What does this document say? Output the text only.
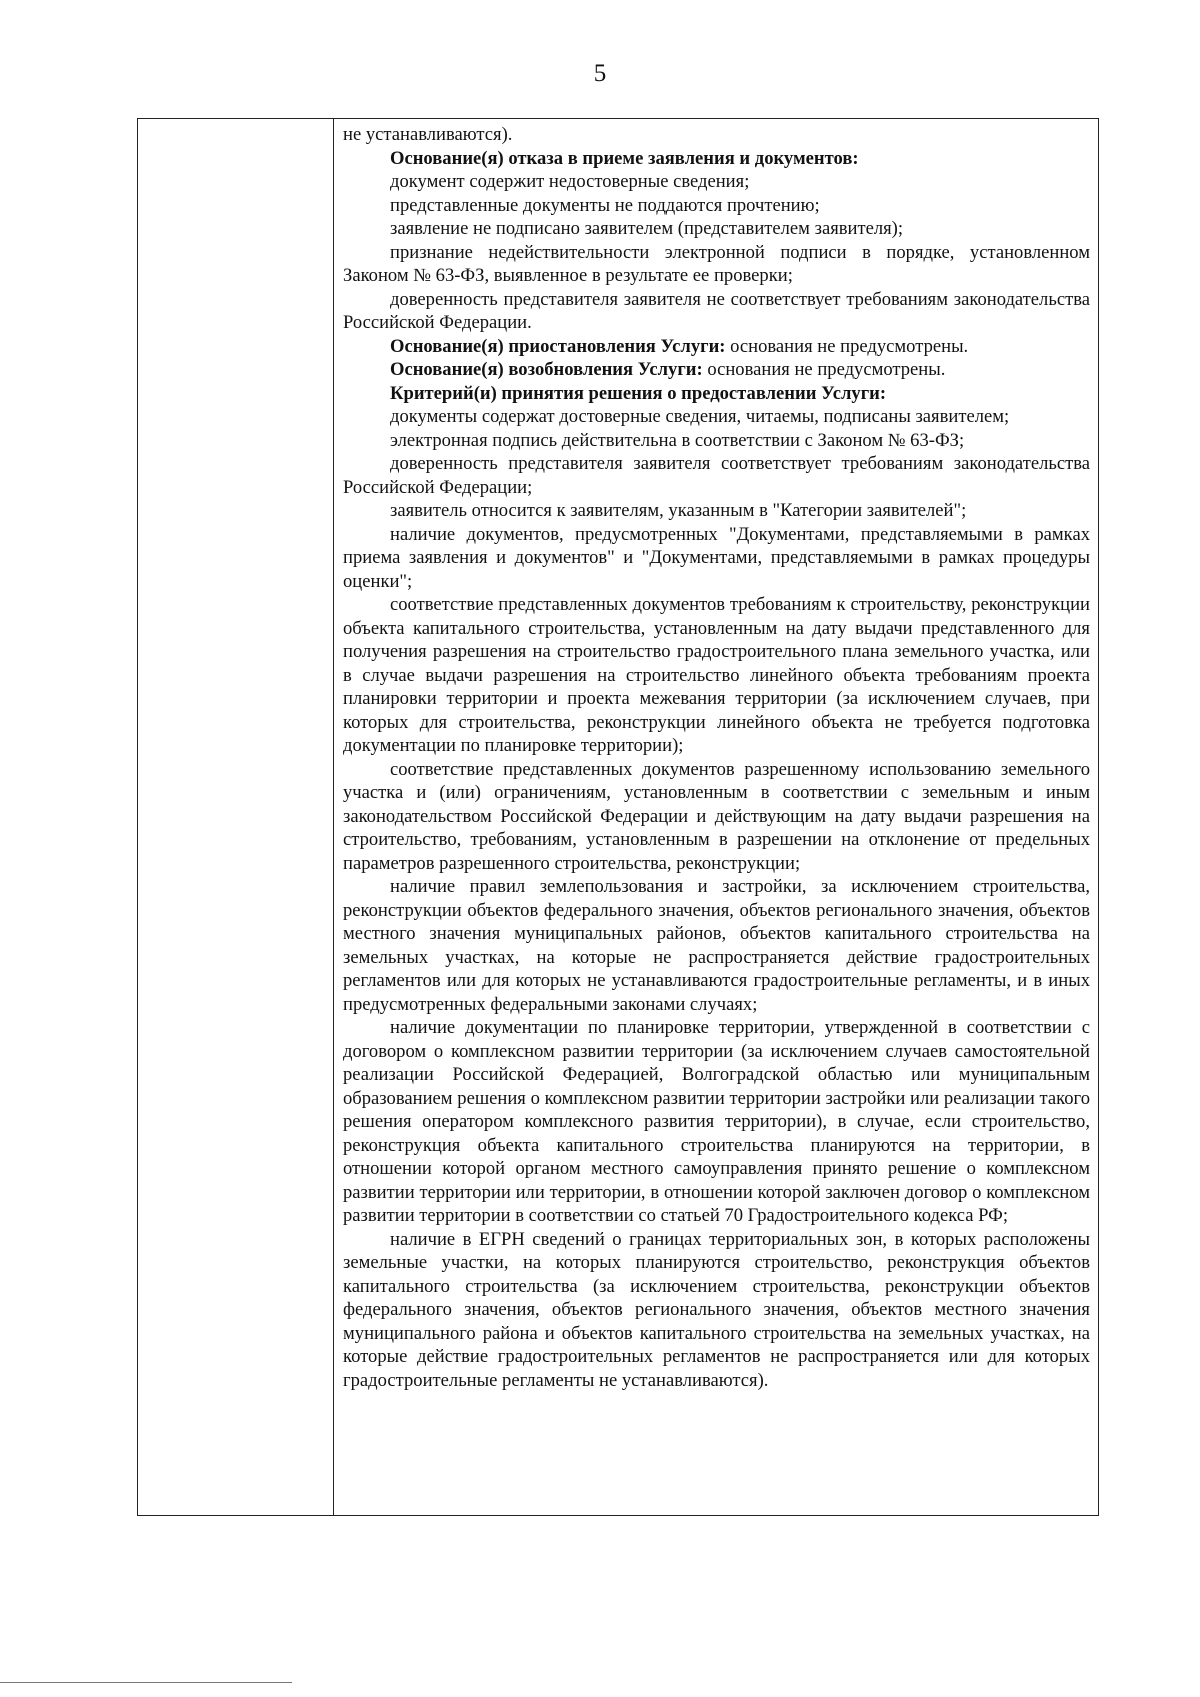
5

не устанавливаются).

Основание(я) отказа в приеме заявления и документов:

документ содержит недостоверные сведения;

представленные документы не поддаются прочтению;

заявление не подписано заявителем (представителем заявителя);

признание недействительности электронной подписи в порядке, установленном Законом № 63-ФЗ, выявленное в результате ее проверки;

доверенность представителя заявителя не соответствует требованиям законодательства Российской Федерации.

Основание(я) приостановления Услуги: основания не предусмотрены.

Основание(я) возобновления Услуги: основания не предусмотрены.

Критерий(и) принятия решения о предоставлении Услуги:

документы содержат достоверные сведения, читаемы, подписаны заявителем;

электронная подпись действительна в соответствии с Законом № 63-ФЗ;

доверенность представителя заявителя соответствует требованиям законодательства Российской Федерации;

заявитель относится к заявителям, указанным в "Категории заявителей";

наличие документов, предусмотренных "Документами, представляемыми в рамках приема заявления и документов" и "Документами, представляемыми в рамках процедуры оценки";

соответствие представленных документов требованиям к строительству, реконструкции объекта капитального строительства, установленным на дату выдачи представленного для получения разрешения на строительство градостроительного плана земельного участка, или в случае выдачи разрешения на строительство линейного объекта требованиям проекта планировки территории и проекта межевания территории (за исключением случаев, при которых для строительства, реконструкции линейного объекта не требуется подготовка документации по планировке территории);

соответствие представленных документов разрешенному использованию земельного участка и (или) ограничениям, установленным в соответствии с земельным и иным законодательством Российской Федерации и действующим на дату выдачи разрешения на строительство, требованиям, установленным в разрешении на отклонение от предельных параметров разрешенного строительства, реконструкции;

наличие правил землепользования и застройки, за исключением строительства, реконструкции объектов федерального значения, объектов регионального значения, объектов местного значения муниципальных районов, объектов капитального строительства на земельных участках, на которые не распространяется действие градостроительных регламентов или для которых не устанавливаются градостроительные регламенты, и в иных предусмотренных федеральными законами случаях;

наличие документации по планировке территории, утвержденной в соответствии с договором о комплексном развитии территории (за исключением случаев самостоятельной реализации Российской Федерацией, Волгоградской областью или муниципальным образованием решения о комплексном развитии территории застройки или реализации такого решения оператором комплексного развития территории), в случае, если строительство, реконструкция объекта капитального строительства планируются на территории, в отношении которой органом местного самоуправления принято решение о комплексном развитии территории или территории, в отношении которой заключен договор о комплексном развитии территории в соответствии со статьей 70 Градостроительного кодекса РФ;

наличие в ЕГРН сведений о границах территориальных зон, в которых расположены земельные участки, на которых планируются строительство, реконструкция объектов капитального строительства (за исключением строительства, реконструкции объектов федерального значения, объектов регионального значения, объектов местного значения муниципального района и объектов капитального строительства на земельных участках, на которые действие градостроительных регламентов не распространяется или для которых градостроительные регламенты не устанавливаются).
